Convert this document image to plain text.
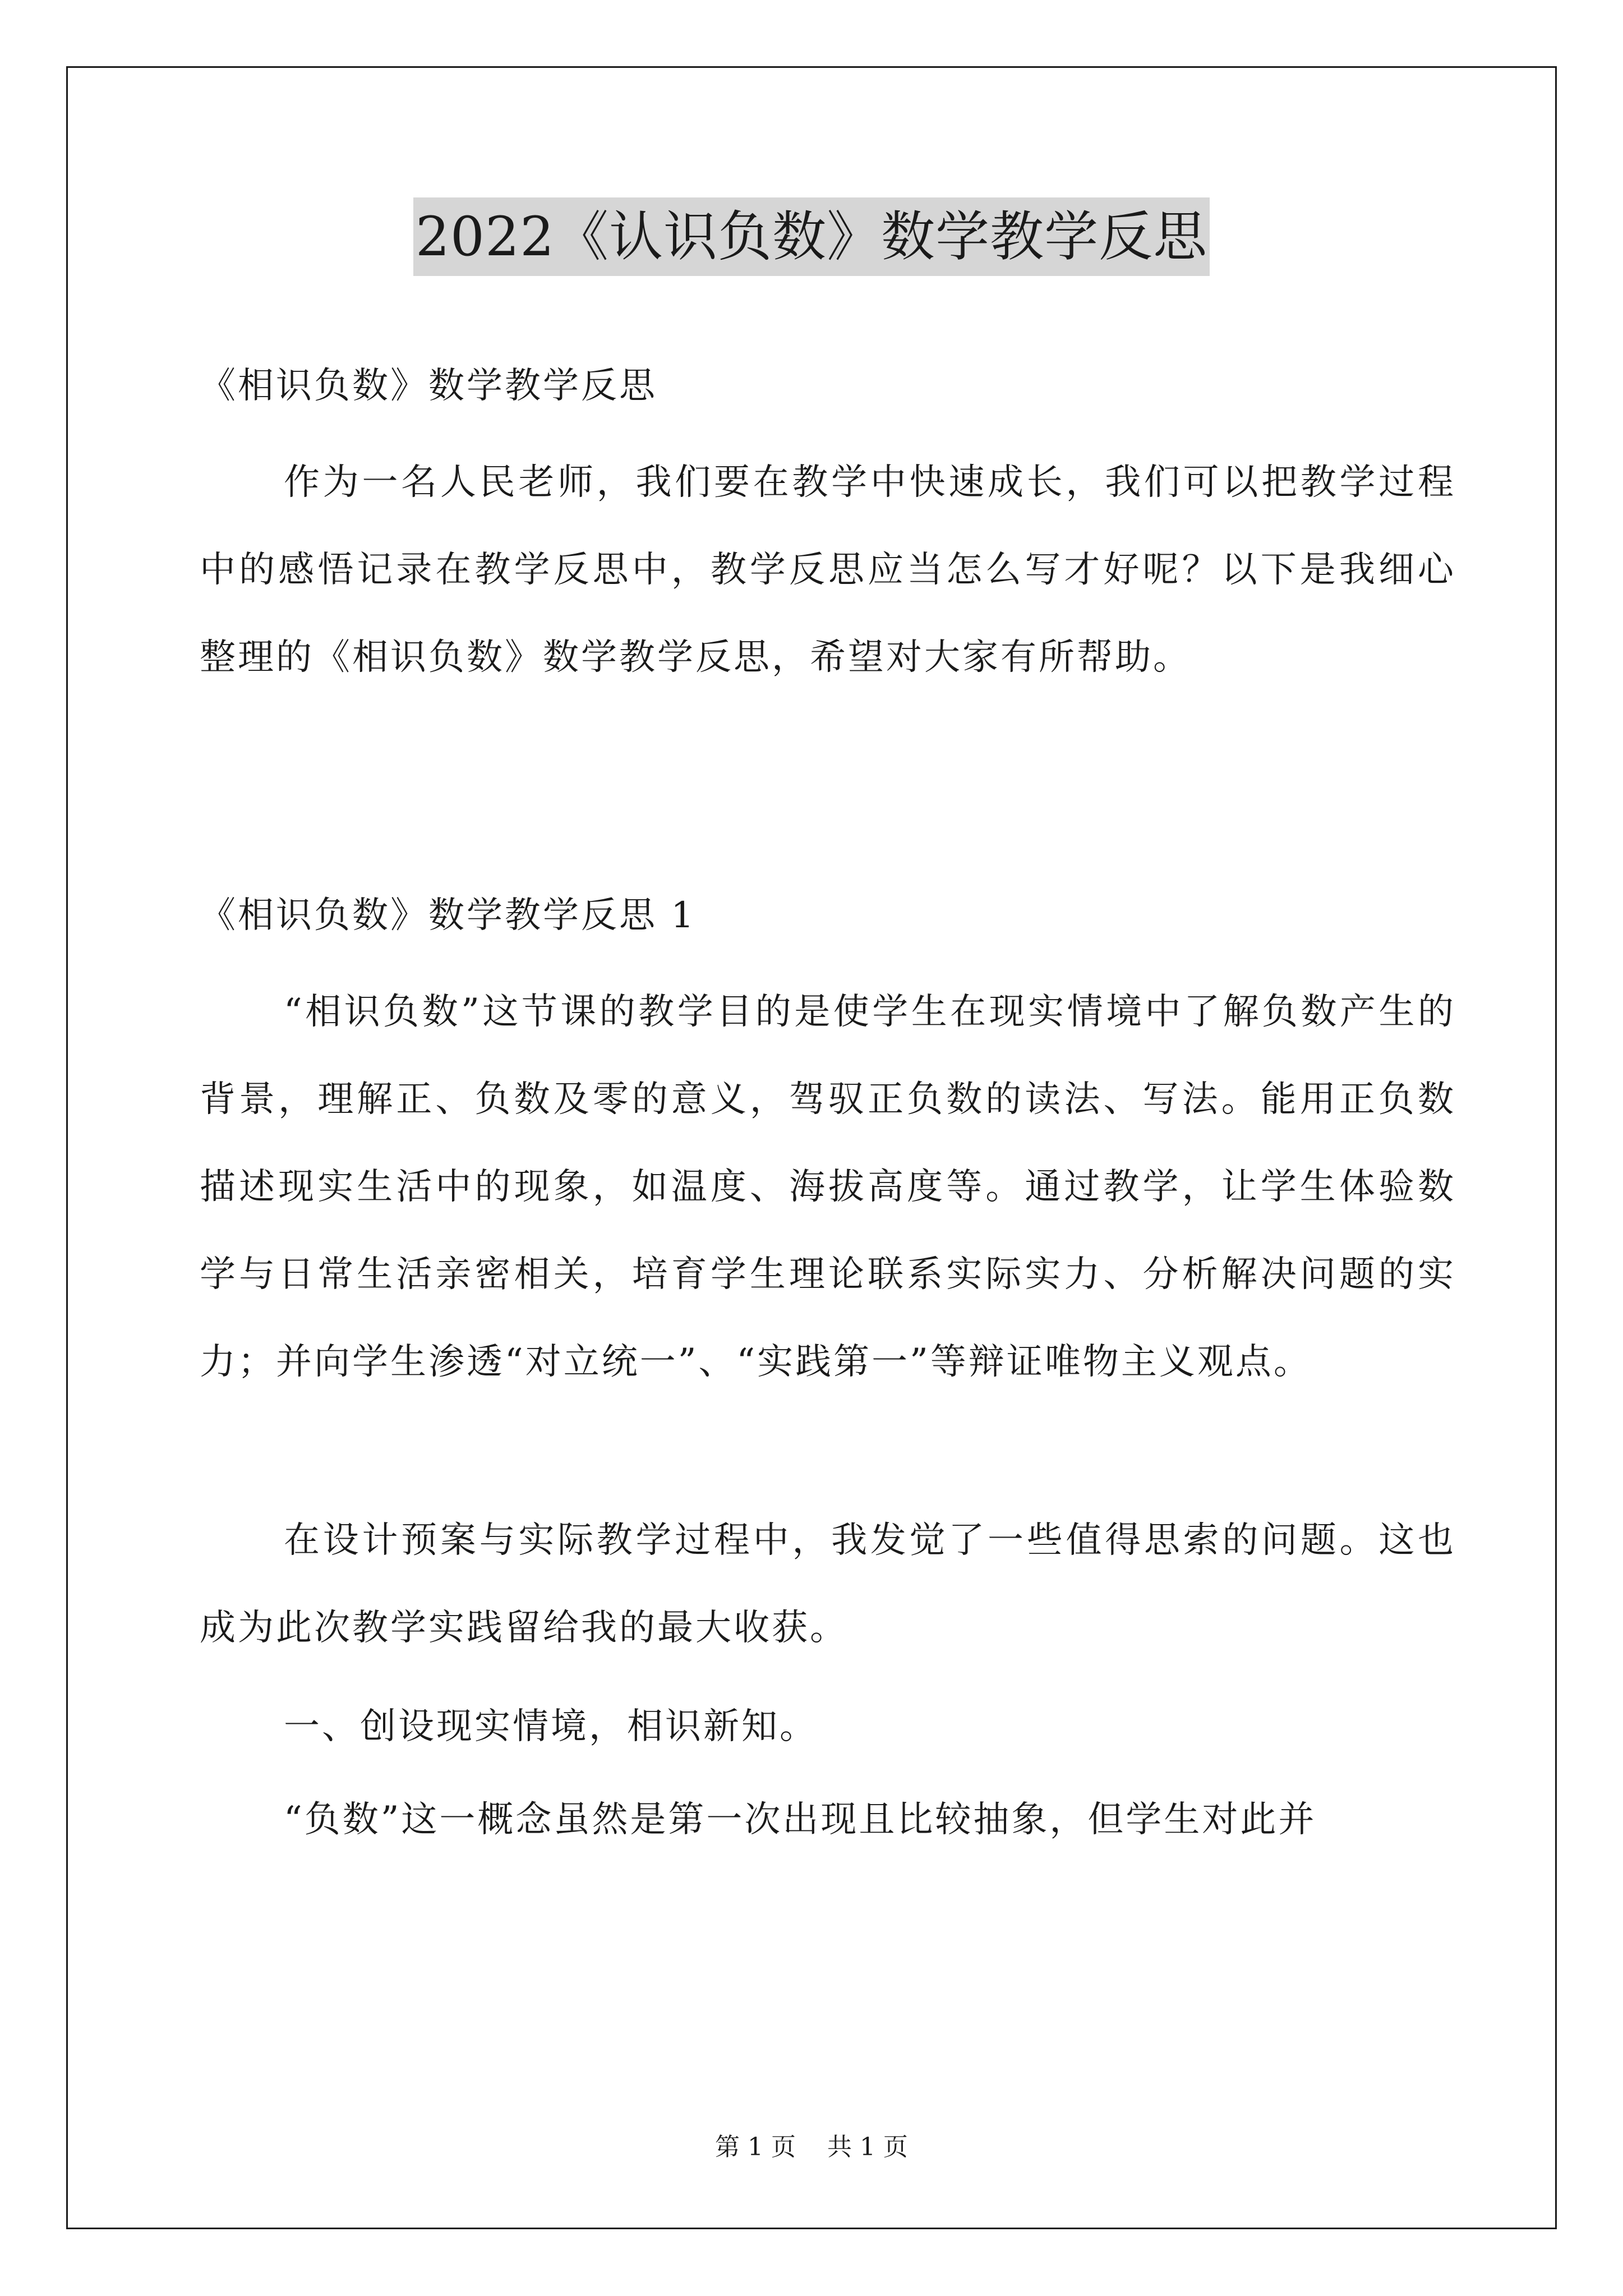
2022《认识负数》数学教学反思

《相识负数》数学教学反思

作为一名人民老师，我们要在教学中快速成长，我们可以把教学过程中的感悟记录在教学反思中，教学反思应当怎么写才好呢？以下是我细心整理的《相识负数》数学教学反思，希望对大家有所帮助。

《相识负数》数学教学反思 1

“相识负数”这节课的教学目的是使学生在现实情境中了解负数产生的背景，理解正、负数及零的意义，驾驭正负数的读法、写法。能用正负数描述现实生活中的现象，如温度、海拔高度等。通过教学，让学生体验数学与日常生活亲密相关，培育学生理论联系实际实力、分析解决问题的实力；并向学生渗透“对立统一”、“实践第一”等辩证唯物主义观点。

在设计预案与实际教学过程中，我发觉了一些值得思索的问题。这也成为此次教学实践留给我的最大收获。

一、创设现实情境，相识新知。

“负数”这一概念虽然是第一次出现且比较抽象，但学生对此并

第 1 页 共 1 页
